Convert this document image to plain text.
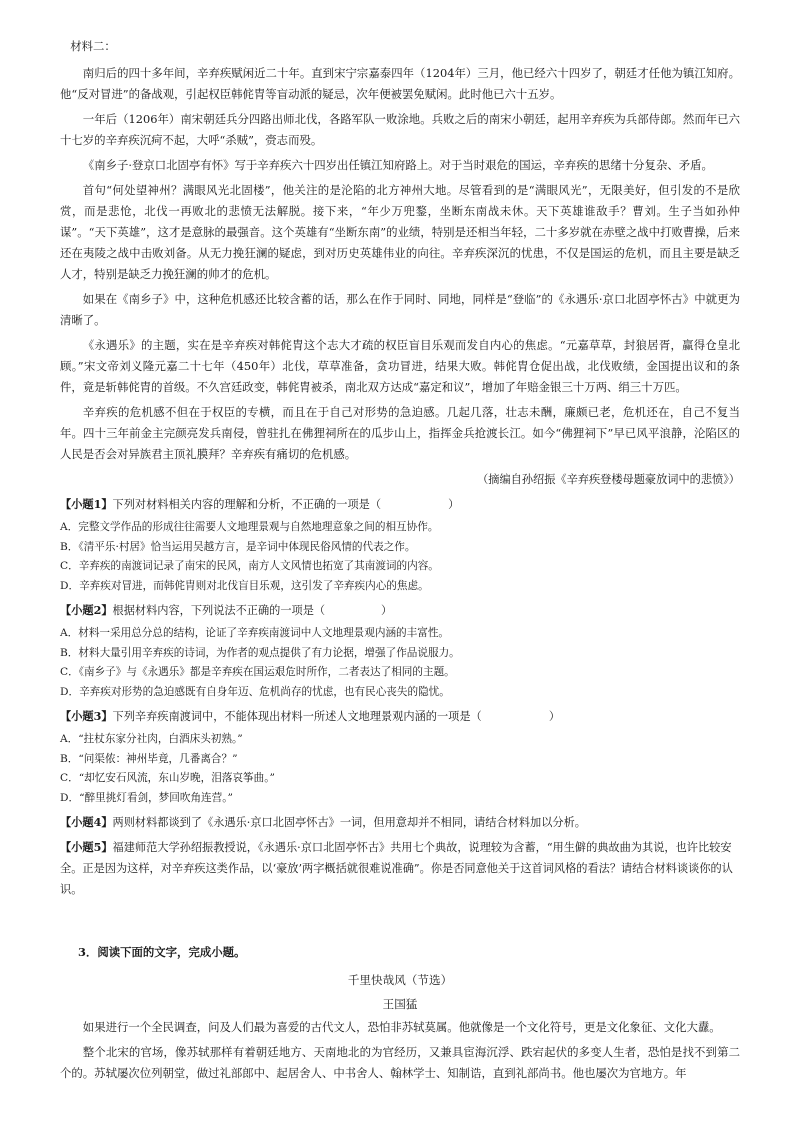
材料二：

南归后的四十多年间，辛弃疾赋闲近二十年。直到宋宁宗嘉泰四年（1204年）三月，他已经六十四岁了，朝廷才任他为镇江知府。他“反对冒进”的备战观，引起权臣韩侂胄等盲动派的疑忌，次年便被罢免赋闲。此时他已六十五岁。

一年后（1206年）南宋朝廷兵分四路出师北伐，各路军队一败涂地。兵败之后的南宋小朝廷，起用辛弃疾为兵部侍郎。然而年已六十七岁的辛弃疾沉疴不起，大呼“杀贼”，赍志而殁。

《南乡子·登京口北固亭有怀》写于辛弃疾六十四岁出任镇江知府路上。对于当时艰危的国运，辛弃疾的思绪十分复杂、矛盾。

首句“何处望神州？满眼风光北固楼”，他关注的是沦陷的北方神州大地。尽管看到的是“满眼风光”，无限美好，但引发的不是欣赏，而是悲怆，北伐一再败北的悲愤无法解脱。接下来，“年少万兜鍪，坐断东南战未休。天下英雄谁敌手？曹刘。生子当如孙仲谋”。“天下英雄”，这才是意脉的最强音。这个英雄有“坐断东南”的业绩，特别是还相当年轻，二十多岁就在赤壁之战中打败曹操，后来还在夷陵之战中击败刘备。从无力挽狂澜的疑虑，到对历史英雄伟业的向往。辛弃疾深沉的忧患，不仅是国运的危机，而且主要是缺乏人才，特别是缺乏力挽狂澜的帅才的危机。

如果在《南乡子》中，这种危机感还比较含蓄的话，那么在作于同时、同地，同样是“登临”的《永遇乐·京口北固亭怀古》中就更为清晰了。

《永遇乐》的主题，实在是辛弃疾对韩侂胄这个志大才疏的权臣盲目乐观而发自内心的焦虑。“元嘉草草，封狼居胥，赢得仓皇北顾。”宋文帝刘义隆元嘉二十七年（450年）北伐，草草准备，贪功冒进，结果大败。韩侂胄仓促出战，北伐败绩，金国提出议和的条件，竟是斩韩侂胄的首级。不久宫廷政变，韩侂胄被杀，南北双方达成“嘉定和议”，增加了年赔金银三十万两、绢三十万匹。

辛弃疾的危机感不但在于权臣的专横，而且在于自己对形势的急迫感。几起几落，壮志未酬，廉颇已老，危机还在，自己不复当年。四十三年前金主完颜亮发兵南侵，曾驻扎在佛狸祠所在的瓜步山上，指挥金兵抢渡长江。如今“佛狸祠下”早已风平浪静，沦陷区的人民是否会对异族君主顶礼膜拜？辛弃疾有痛切的危机感。

（摘编自孙绍振《辛弃疾登楼母题豪放词中的悲愤》）
【小题1】下列对材料相关内容的理解和分析，不正确的一项是（　　　　　　）

A．完整文学作品的形成往往需要人文地理景观与自然地理意象之间的相互协作。

B．《清平乐·村居》恰当运用吴越方言，是辛词中体现民俗风情的代表之作。

C．辛弃疾的南渡词记录了南宋的民风，南方人文风情也拓宽了其南渡词的内容。

D．辛弃疾对冒进，而韩侂胄则对北伐盲目乐观，这引发了辛弃疾内心的焦虑。

【小题2】根据材料内容，下列说法不正确的一项是（　　　　　）

A．材料一采用总分总的结构，论证了辛弃疾南渡词中人文地理景观内涵的丰富性。

B．材料大量引用辛弃疾的诗词，为作者的观点提供了有力论据，增强了作品说服力。

C．《南乡子》与《永遇乐》都是辛弃疾在国运艰危时所作，二者表达了相同的主题。

D．辛弃疾对形势的急迫感既有自身年迈、危机尚存的忧虑，也有民心丧失的隐忧。

【小题3】下列辛弃疾南渡词中，不能体现出材料一所述人文地理景观内涵的一项是（　　　　　　）

A．“拄杖东家分社肉，白酒床头初熟。”

B．“问渠侬：神州毕竟，几番离合？”

C．“却忆安石风流，东山岁晚，泪落哀筝曲。”

D．“醉里挑灯看剑，梦回吹角连营。”

【小题4】两则材料都谈到了《永遇乐·京口北固亭怀古》一词，但用意却并不相同，请结合材料加以分析。
【小题5】福建师范大学孙绍振教授说，《永遇乐·京口北固亭怀古》共用七个典故，说理较为含蓄，“用生僻的典故曲为其说，也许比较安全。正是因为这样，对辛弃疾这类作品，以‘豪放’两字概括就很难说准确”。你是否同意他关于这首词风格的看法？请结合材料谈谈你的认识。
3．阅读下面的文字，完成小题。
千里快哉风（节选）
王国猛

如果进行一个全民调查，问及人们最为喜爱的古代文人，恐怕非苏轼莫属。他就像是一个文化符号，更是文化象征、文化大纛。

整个北宋的官场，像苏轼那样有着朝廷地方、天南地北的为官经历，又兼具宦海沉浮、跌宕起伏的多变人生者，恐怕是找不到第二个的。苏轼屡次位列朝堂，做过礼部郎中、起居舍人、中书舍人、翰林学士、知制诰，直到礼部尚书。他也屡次为官地方。年
